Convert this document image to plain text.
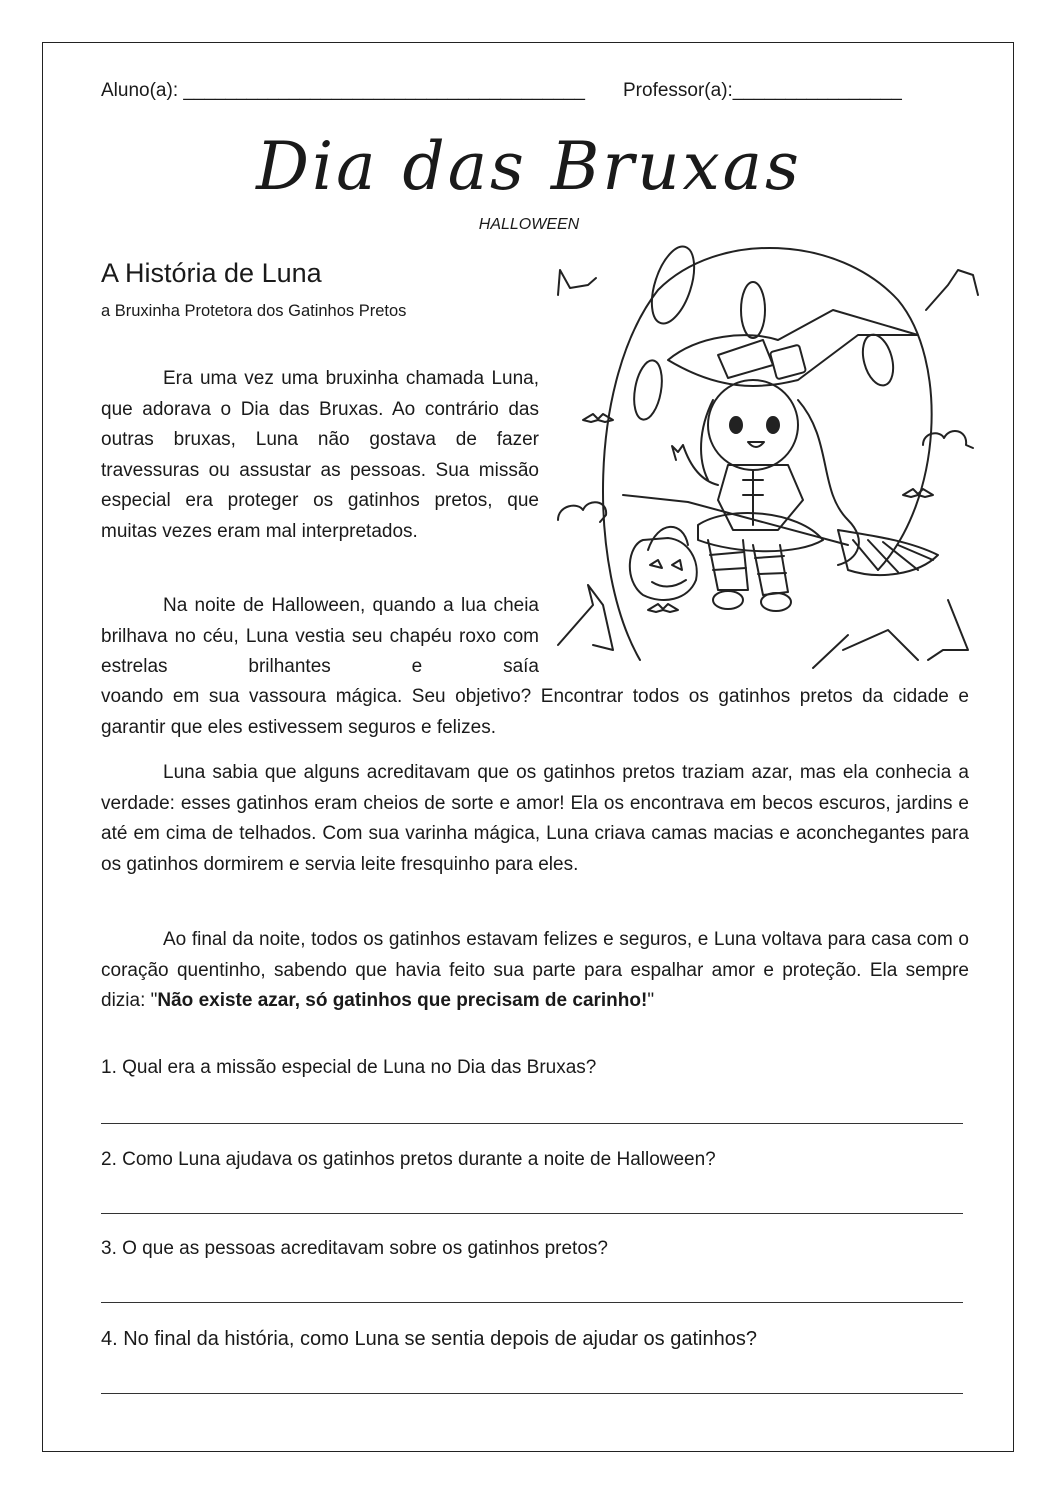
Aluno(a): ______________________________________ Professor(a):________________
Dia das Bruxas
HALLOWEEN
A História de Luna
a Bruxinha Protetora dos Gatinhos Pretos

Era uma vez uma bruxinha chamada Luna, que adorava o Dia das Bruxas. Ao contrário das outras bruxas, Luna não gostava de fazer travessuras ou assustar as pessoas. Sua missão especial era proteger os gatinhos pretos, que muitas vezes eram mal interpretados.

Na noite de Halloween, quando a lua cheia brilhava no céu, Luna vestia seu chapéu roxo com estrelas brilhantes e saía

voando em sua vassoura mágica. Seu objetivo? Encontrar todos os gatinhos pretos da cidade e garantir que eles estivessem seguros e felizes.

Luna sabia que alguns acreditavam que os gatinhos pretos traziam azar, mas ela conhecia a verdade: esses gatinhos eram cheios de sorte e amor! Ela os encontrava em becos escuros, jardins e até em cima de telhados. Com sua varinha mágica, Luna criava camas macias e aconchegantes para os gatinhos dormirem e servia leite fresquinho para eles.

Ao final da noite, todos os gatinhos estavam felizes e seguros, e Luna voltava para casa com o coração quentinho, sabendo que havia feito sua parte para espalhar amor e proteção. Ela sempre dizia: "Não existe azar, só gatinhos que precisam de carinho!"

1. Qual era a missão especial de Luna no Dia das Bruxas?
2. Como Luna ajudava os gatinhos pretos durante a noite de Halloween?
3. O que as pessoas acreditavam sobre os gatinhos pretos?
4. No final da história, como Luna se sentia depois de ajudar os gatinhos?
